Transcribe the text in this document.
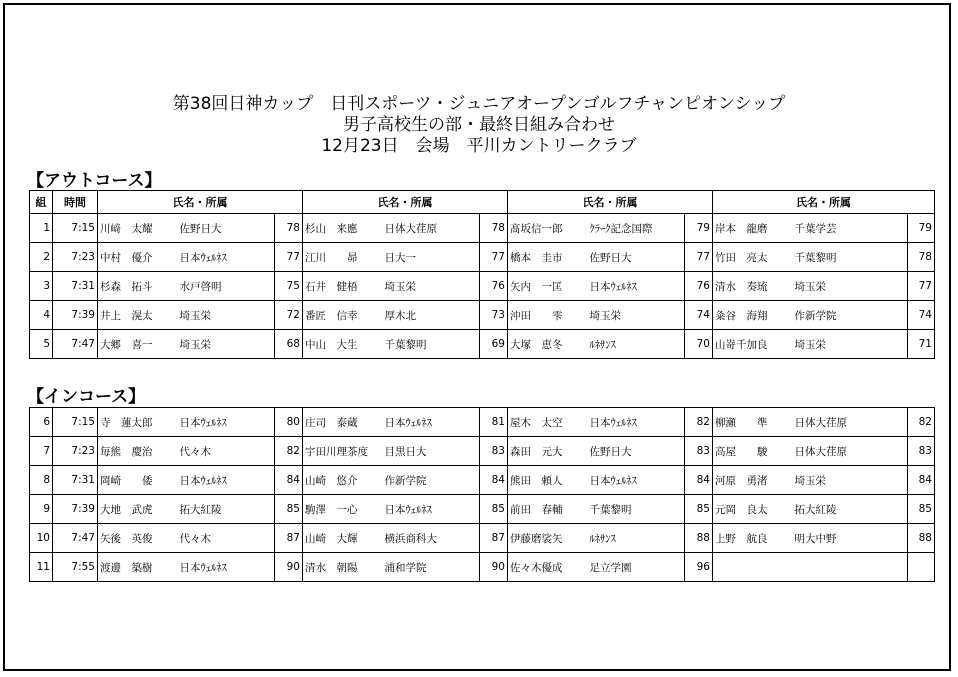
第38回日神カップ　日刊スポーツ・ジュニアオープンゴルフチャンピオンシップ
男子高校生の部・最終日組み合わせ
12月23日　会場　平川カントリークラブ
【アウトコース】
組	時間	氏名・所属			氏名・所属			氏名・所属			氏名・所属		
1	7:15	川﨑　太耀	佐野日大	78	杉山　来應	日体大荏原	78	髙坂信一郎	ｸﾗｰｸ記念国際	79	岸本　龍磨	千葉学芸	79
2	7:23	中村　優介	日本ｳｪﾙﾈｽ	77	江川　　昴	日大一	77	橋本　圭市	佐野日大	77	竹田　亮太	千葉黎明	78
3	7:31	杉森　拓斗	水戸啓明	75	石井　健梧	埼玉栄	76	矢内　一匡	日本ｳｪﾙﾈｽ	76	清水　奏琉	埼玉栄	77
4	7:39	井上　滉太	埼玉栄	72	番匠　信幸	厚木北	73	沖田　　雫	埼玉栄	74	粂谷　海翔	作新学院	74
5	7:47	大郷　喜一	埼玉栄	68	中山　大生	千葉黎明	69	大塚　恵冬	ﾙﾈｻﾝｽ	70	山嵜千加良	埼玉栄	71
【インコース】
6	7:15	寺　蓮太郎	日本ｳｪﾙﾈｽ	80	庄司　泰蔵	日本ｳｪﾙﾈｽ	81	屋木　太空	日本ｳｪﾙﾈｽ	82	柳瀬　　準	日体大荏原	82
7	7:23	毎熊　慶治	代々木	82	宇田川理茶度	目黒日大	83	森田　元大	佐野日大	83	高屋　　駿	日体大荏原	83
8	7:31	岡崎　　倭	日本ｳｪﾙﾈｽ	84	山崎　悠介	作新学院	84	熊田　頼人	日本ｳｪﾙﾈｽ	84	河原　勇渚	埼玉栄	84
9	7:39	大地　武虎	拓大紅陵	85	駒澤　一心	日本ｳｪﾙﾈｽ	85	前田　春輔	千葉黎明	85	元岡　良太	拓大紅陵	85
10	7:47	矢後　英俊	代々木	87	山崎　大輝	横浜商科大	87	伊藤磨裟矢	ﾙﾈｻﾝｽ	88	上野　航良	明大中野	88
11	7:55	渡邊　築樹	日本ｳｪﾙﾈｽ	90	清水　朝陽	浦和学院	90	佐々木優成	足立学園	96			
